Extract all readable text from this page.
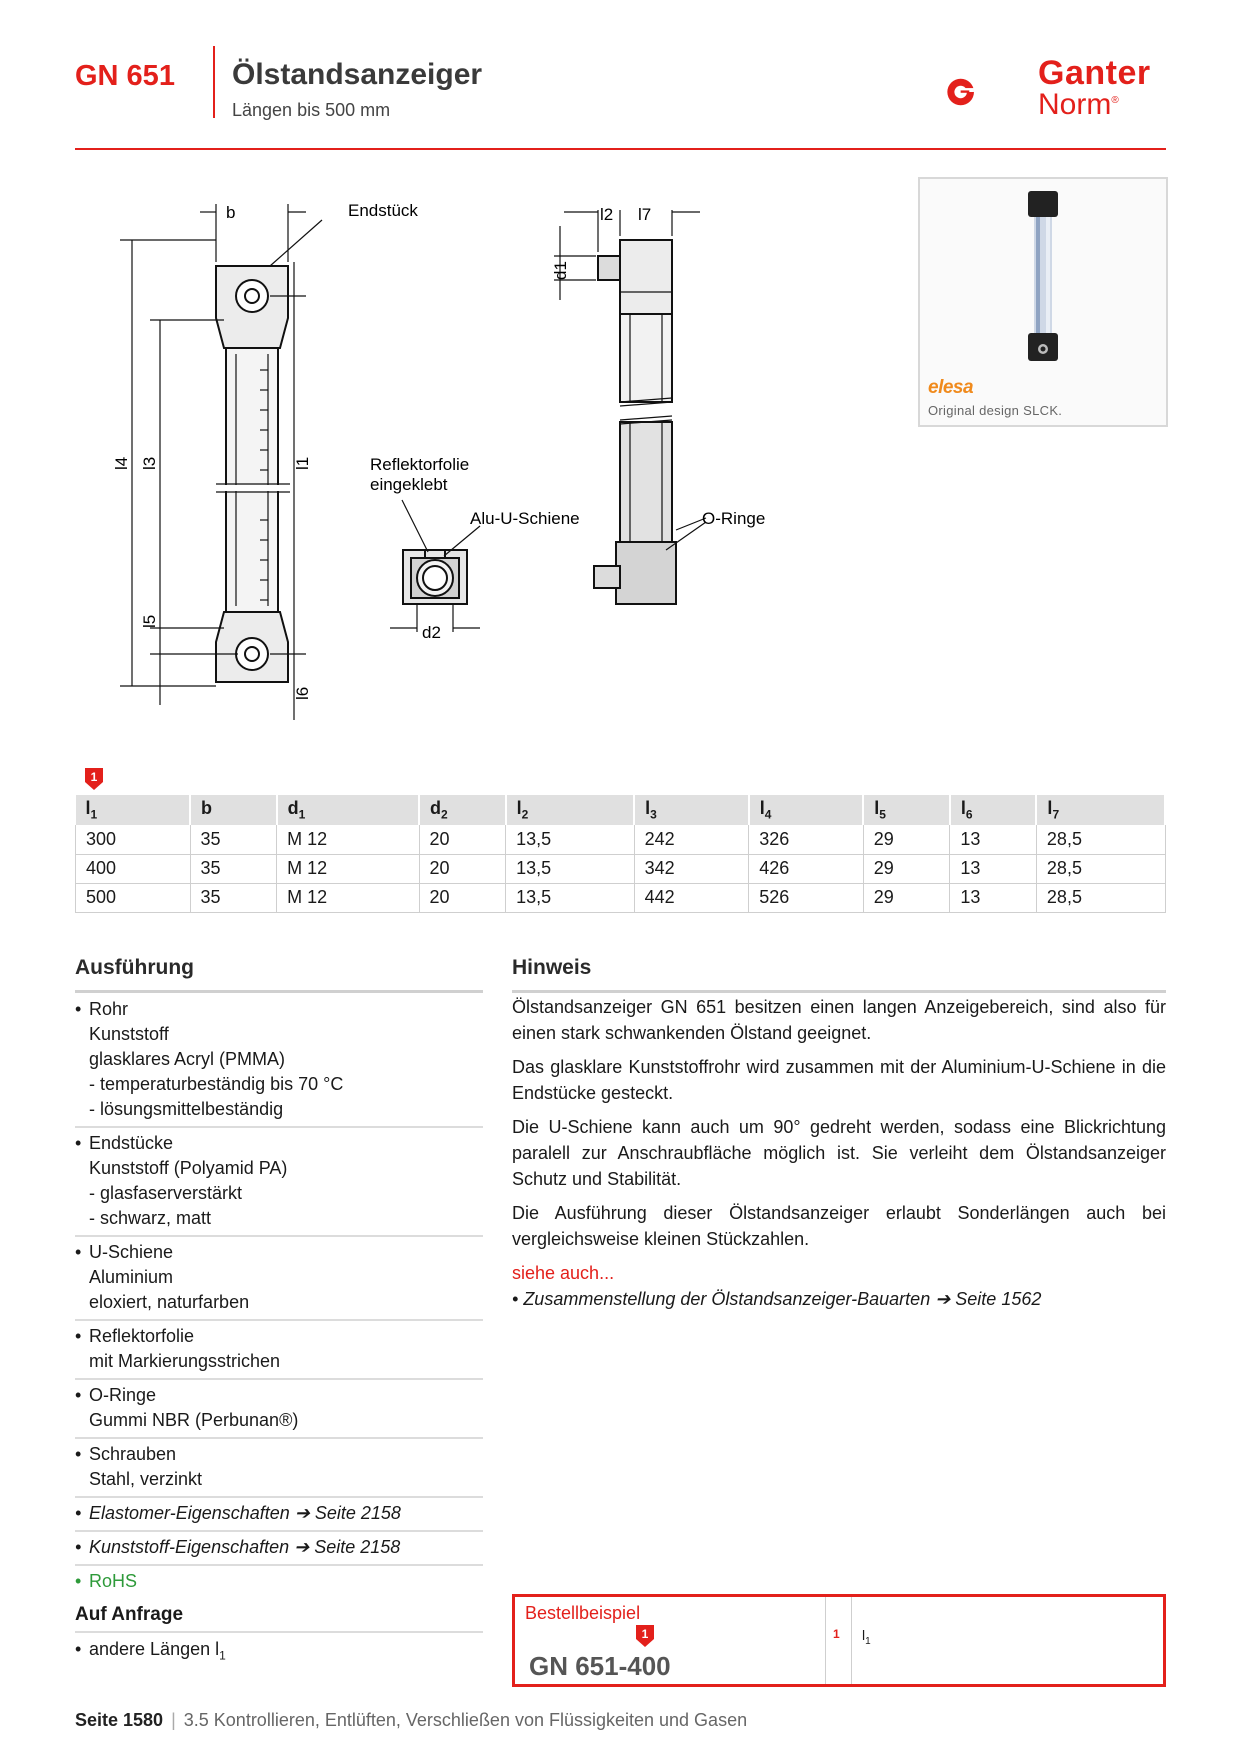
GN 651 Ölstandsanzeiger
Längen bis 500 mm
Ganter
Norm®
elesa
Original design SLCK.
b	Endstück
l4 l3	l1
l5
l6
Reflektorfolie
eingeklebt
Alu-U-Schiene
d2
l2 l7
d1
O-Ringe
1
$l_1$	b	$d_1$	$d_2$	$l_2$	$l_3$	$l_4$	$l_5$	$l_6$	$l_7$
300	35	M 12	20	13,5	242	326	29	13	28,5
400	35	M 12	20	13,5	342	426	29	13	28,5
500	35	M 12	20	13,5	442	526	29	13	28,5
Ausführung
• Rohr
Kunststoff
glasklares Acryl (PMMA)
- temperaturbeständig bis 70 °C
- lösungsmittelbeständig
• Endstücke
Kunststoff (Polyamid PA)
- glasfaserverstärkt
- schwarz, matt
• U-Schiene
Aluminium
eloxiert, naturfarben
• Reflektorfolie
mit Markierungsstrichen
• O-Ringe
Gummi NBR (Perbunan®)
• Schrauben
Stahl, verzinkt
• Elastomer-Eigenschaften ➔ Seite 2158
• Kunststoff-Eigenschaften ➔ Seite 2158
• RoHS
Auf Anfrage
• andere Längen $l_1$
Hinweis

Ölstandsanzeiger GN 651 besitzen einen langen Anzeigebereich, sind also für einen stark schwankenden Ölstand geeignet.

Das glasklare Kunststoffrohr wird zusammen mit der Aluminium-U-Schiene in die Endstücke gesteckt.

Die U-Schiene kann auch um 90° gedreht werden, sodass eine Blickrichtung paralell zur Anschraubfläche möglich ist. Sie verleiht dem Ölstandsanzeiger Schutz und Stabilität.

Die Ausführung dieser Ölstandsanzeiger erlaubt Sonderlängen auch bei vergleichsweise kleinen Stückzahlen.

siehe auch...
• Zusammenstellung der Ölstandsanzeiger-Bauarten ➔ Seite 1562
Bestellbeispiel
1
GN 651-400
1 $l_1$
Seite 1580 | 3.5 Kontrollieren, Entlüften, Verschließen von Flüssigkeiten und Gasen
